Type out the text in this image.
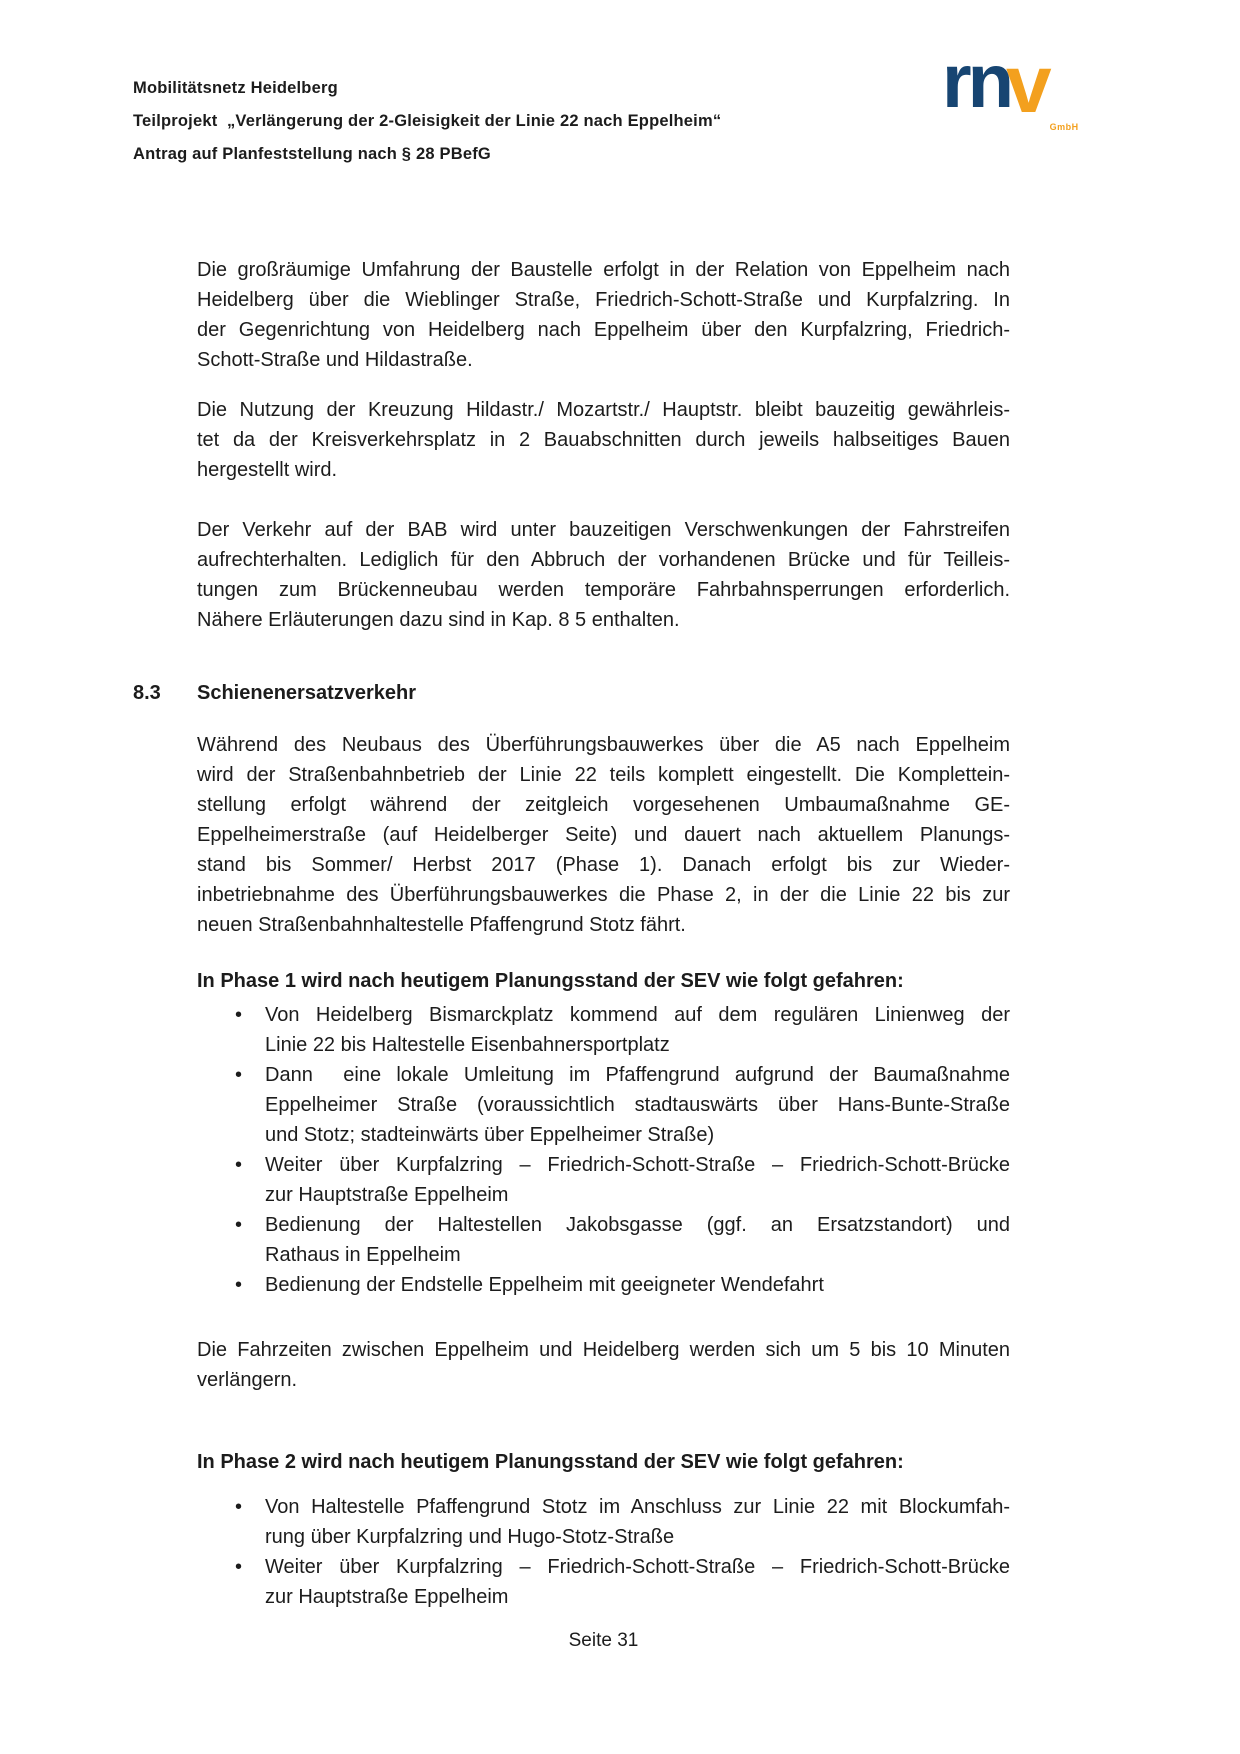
Mobilitätsnetz Heidelberg
Teilprojekt  „Verlängerung der 2-Gleisigkeit der Linie 22 nach Eppelheim“
Antrag auf Planfeststellung nach § 28 PBefG
rnv$_{GmbH}$
Die großräumige Umfahrung der Baustelle erfolgt in der Relation von Eppelheim nach
Heidelberg über die Wieblinger Straße, Friedrich-Schott-Straße und Kurpfalzring. In
der Gegenrichtung von Heidelberg nach Eppelheim über den Kurpfalzring, Friedrich-
Schott-Straße und Hildastraße.
Die Nutzung der Kreuzung Hildastr./ Mozartstr./ Hauptstr. bleibt bauzeitig gewährleis-
tet da der Kreisverkehrsplatz in 2 Bauabschnitten durch jeweils halbseitiges Bauen
hergestellt wird.
Der Verkehr auf der BAB wird unter bauzeitigen Verschwenkungen der Fahrstreifen
aufrechterhalten. Lediglich für den Abbruch der vorhandenen Brücke und für Teilleis-
tungen zum Brückenneubau werden temporäre Fahrbahnsperrungen erforderlich.
Nähere Erläuterungen dazu sind in Kap. 8 5 enthalten.
8.3	Schienenersatzverkehr
Während des Neubaus des Überführungsbauwerkes über die A5 nach Eppelheim
wird der Straßenbahnbetrieb der Linie 22 teils komplett eingestellt. Die Komplettein-
stellung erfolgt während der zeitgleich vorgesehenen Umbaumaßnahme GE-
Eppelheimerstraße (auf Heidelberger Seite) und dauert nach aktuellem Planungs-
stand bis Sommer/ Herbst 2017 (Phase 1). Danach erfolgt bis zur Wieder-
inbetriebnahme des Überführungsbauwerkes die Phase 2, in der die Linie 22 bis zur
neuen Straßenbahnhaltestelle Pfaffengrund Stotz fährt.
In Phase 1 wird nach heutigem Planungsstand der SEV wie folgt gefahren:
•	Von Heidelberg Bismarckplatz kommend auf dem regulären Linienweg der
Linie 22 bis Haltestelle Eisenbahnersportplatz
•	Dann  eine lokale Umleitung im Pfaffengrund aufgrund der Baumaßnahme
Eppelheimer Straße (voraussichtlich stadtauswärts über Hans-Bunte-Straße
und Stotz; stadteinwärts über Eppelheimer Straße)
•	Weiter über Kurpfalzring – Friedrich-Schott-Straße – Friedrich-Schott-Brücke
zur Hauptstraße Eppelheim
•	Bedienung der Haltestellen Jakobsgasse (ggf. an Ersatzstandort) und
Rathaus in Eppelheim
•	Bedienung der Endstelle Eppelheim mit geeigneter Wendefahrt
Die Fahrzeiten zwischen Eppelheim und Heidelberg werden sich um 5 bis 10 Minuten
verlängern.
In Phase 2 wird nach heutigem Planungsstand der SEV wie folgt gefahren:
•	Von Haltestelle Pfaffengrund Stotz im Anschluss zur Linie 22 mit Blockumfah-
rung über Kurpfalzring und Hugo-Stotz-Straße
•	Weiter über Kurpfalzring – Friedrich-Schott-Straße – Friedrich-Schott-Brücke
zur Hauptstraße Eppelheim
Seite 31
